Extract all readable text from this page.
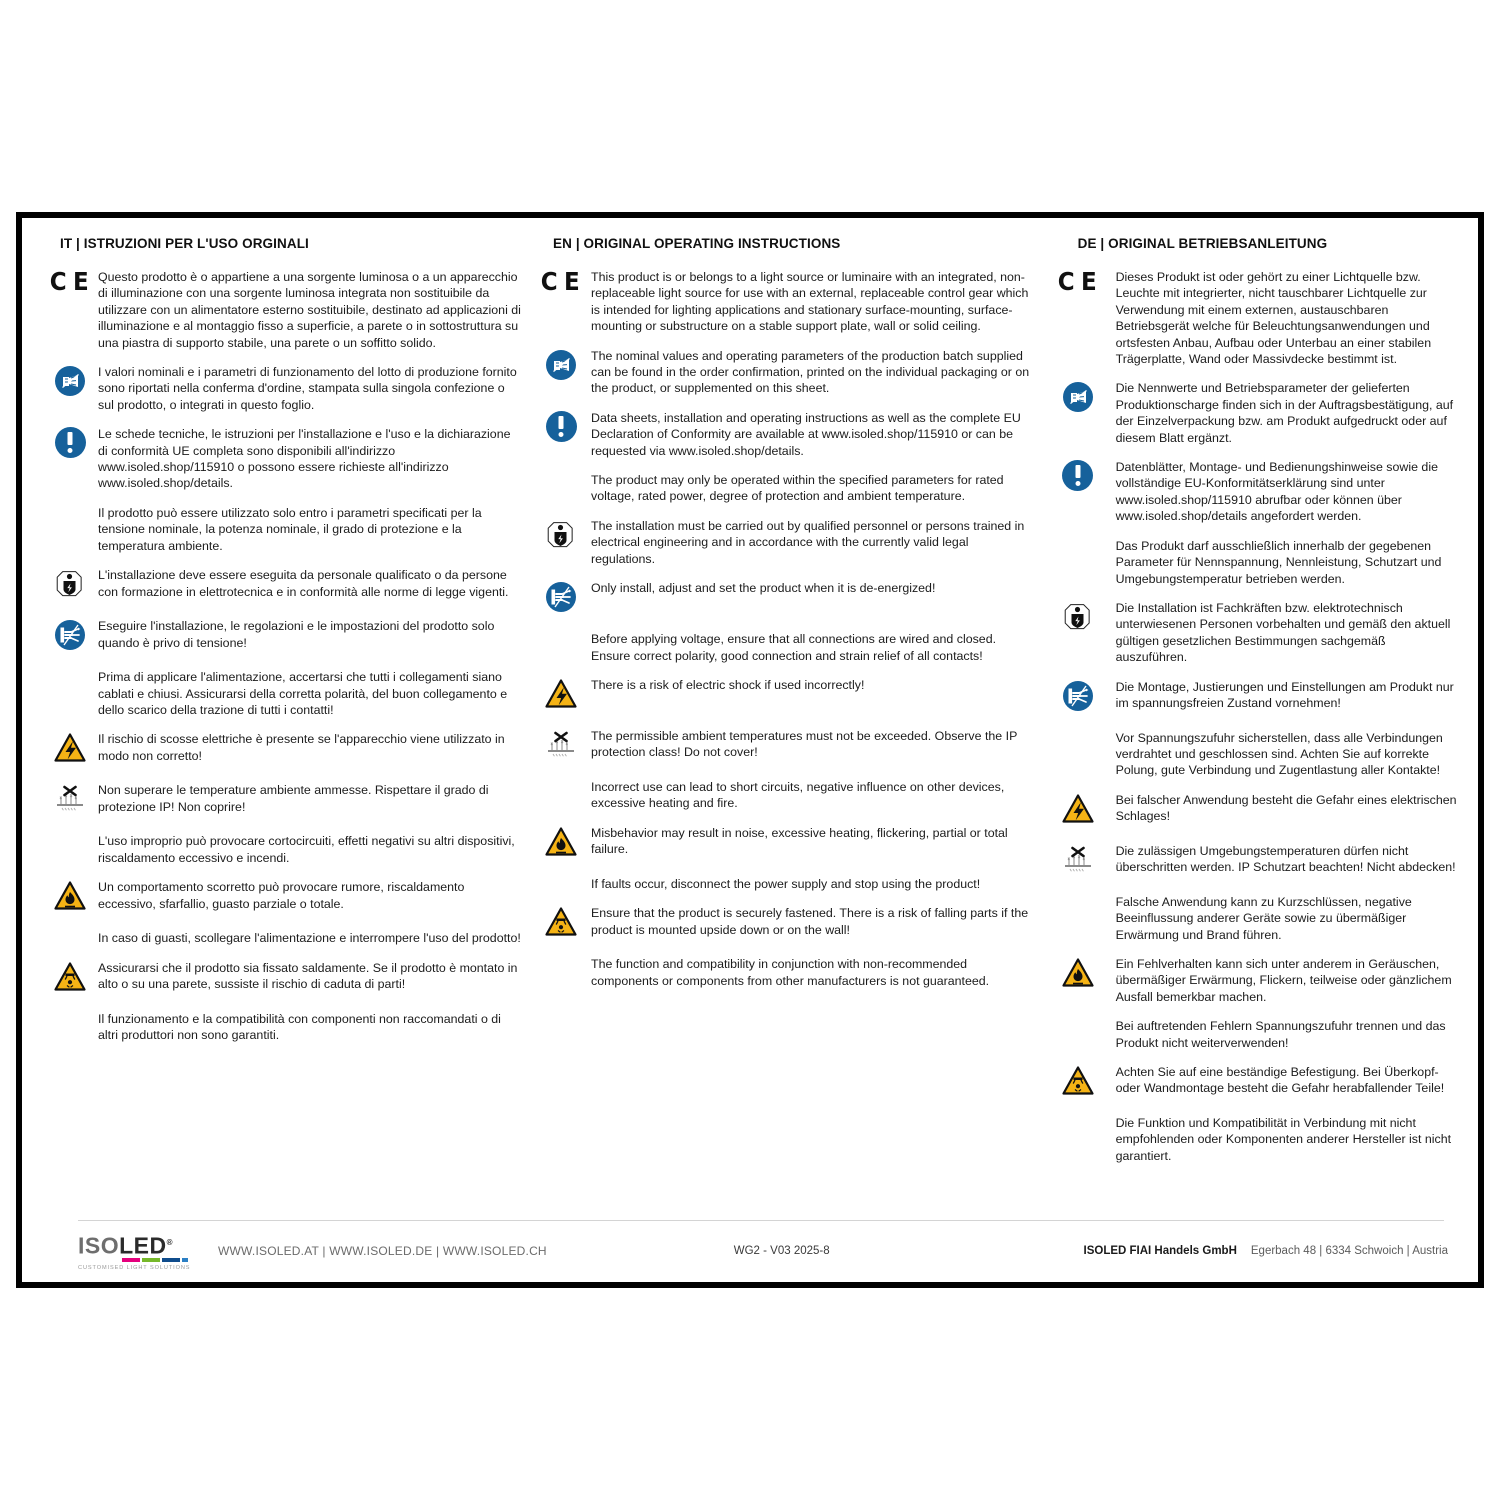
IT | ISTRUZIONI PER L'USO ORGINALI
C E Questo prodotto è o appartiene a una sorgente luminosa o a un apparecchio di illuminazione con una sorgente luminosa integrata non sostituibile da utilizzare con un alimentatore esterno sostituibile, destinato ad applicazioni di illuminazione e al montaggio fisso a superficie, a parete o in sottostruttura su una piastra di supporto stabile, una parete o un soffitto solido.
I valori nominali e i parametri di funzionamento del lotto di produzione fornito sono riportati nella conferma d'ordine, stampata sulla singola confezione o sul prodotto, o integrati in questo foglio.
Le schede tecniche, le istruzioni per l'installazione e l'uso e la dichiarazione di conformità UE completa sono disponibili all'indirizzo www.isoled.shop/115910 o possono essere richieste all'indirizzo www.isoled.shop/details.
Il prodotto può essere utilizzato solo entro i parametri specificati per la tensione nominale, la potenza nominale, il grado di protezione e la temperatura ambiente.
L'installazione deve essere eseguita da personale qualificato o da persone con formazione in elettrotecnica e in conformità alle norme di legge vigenti.
Eseguire l'installazione, le regolazioni e le impostazioni del prodotto solo quando è privo di tensione!
Prima di applicare l'alimentazione, accertarsi che tutti i collegamenti siano cablati e chiusi. Assicurarsi della corretta polarità, del buon collegamento e dello scarico della trazione di tutti i contatti!
Il rischio di scosse elettriche è presente se l'apparecchio viene utilizzato in modo non corretto!
Non superare le temperature ambiente ammesse. Rispettare il grado di protezione IP! Non coprire!
L'uso improprio può provocare cortocircuiti, effetti negativi su altri dispositivi, riscaldamento eccessivo e incendi.
Un comportamento scorretto può provocare rumore, riscaldamento eccessivo, sfarfallio, guasto parziale o totale.
In caso di guasti, scollegare l'alimentazione e interrompere l'uso del prodotto!
Assicurarsi che il prodotto sia fissato saldamente. Se il prodotto è montato in alto o su una parete, sussiste il rischio di caduta di parti!
Il funzionamento e la compatibilità con componenti non raccomandati o di altri produttori non sono garantiti.
EN | ORIGINAL OPERATING INSTRUCTIONS
C E This product is or belongs to a light source or luminaire with an integrated, non-replaceable light source for use with an external, replaceable control gear which is intended for lighting applications and stationary surface-mounting, surface-mounting or substructure on a stable support plate, wall or solid ceiling.
The nominal values and operating parameters of the production batch supplied can be found in the order confirmation, printed on the individual packaging or on the product, or supplemented on this sheet.
Data sheets, installation and operating instructions as well as the complete EU Declaration of Conformity are available at www.isoled.shop/115910 or can be requested via www.isoled.shop/details.
The product may only be operated within the specified parameters for rated voltage, rated power, degree of protection and ambient temperature.
The installation must be carried out by qualified personnel or persons trained in electrical engineering and in accordance with the currently valid legal regulations.
Only install, adjust and set the product when it is de-energized!
Before applying voltage, ensure that all connections are wired and closed. Ensure correct polarity, good connection and strain relief of all contacts!
There is a risk of electric shock if used incorrectly!
The permissible ambient temperatures must not be exceeded. Observe the IP protection class! Do not cover!
Incorrect use can lead to short circuits, negative influence on other devices, excessive heating and fire.
Misbehavior may result in noise, excessive heating, flickering, partial or total failure.
If faults occur, disconnect the power supply and stop using the product!
Ensure that the product is securely fastened. There is a risk of falling parts if the product is mounted upside down or on the wall!
The function and compatibility in conjunction with non-recommended components or components from other manufacturers is not guaranteed.
DE | ORIGINAL BETRIEBSANLEITUNG
C E Dieses Produkt ist oder gehört zu einer Lichtquelle bzw. Leuchte mit integrierter, nicht tauschbarer Lichtquelle zur Verwendung mit einem externen, austauschbaren Betriebsgerät welche für Beleuchtungsanwendungen und ortsfesten Anbau, Aufbau oder Unterbau an einer stabilen Trägerplatte, Wand oder Massivdecke bestimmt ist.
Die Nennwerte und Betriebsparameter der gelieferten Produktionscharge finden sich in der Auftragsbestätigung, auf der Einzelverpackung bzw. am Produkt aufgedruckt oder auf diesem Blatt ergänzt.
Datenblätter, Montage- und Bedienungshinweise sowie die vollständige EU-Konformitätserklärung sind unter www.isoled.shop/115910 abrufbar oder können über www.isoled.shop/details angefordert werden.
Das Produkt darf ausschließlich innerhalb der gegebenen Parameter für Nennspannung, Nennleistung, Schutzart und Umgebungstemperatur betrieben werden.
Die Installation ist Fachkräften bzw. elektrotechnisch unterwiesenen Personen vorbehalten und gemäß den aktuell gültigen gesetzlichen Bestimmungen sachgemäß auszuführen.
Die Montage, Justierungen und Einstellungen am Produkt nur im spannungsfreien Zustand vornehmen!
Vor Spannungszufuhr sicherstellen, dass alle Verbindungen verdrahtet und geschlossen sind. Achten Sie auf korrekte Polung, gute Verbindung und Zugentlastung aller Kontakte!
Bei falscher Anwendung besteht die Gefahr eines elektrischen Schlages!
Die zulässigen Umgebungstemperaturen dürfen nicht überschritten werden. IP Schutzart beachten! Nicht abdecken!
Falsche Anwendung kann zu Kurzschlüssen, negative Beeinflussung anderer Geräte sowie zu übermäßiger Erwärmung und Brand führen.
Ein Fehlverhalten kann sich unter anderem in Geräuschen, übermäßiger Erwärmung, Flickern, teilweise oder gänzlichem Ausfall bemerkbar machen.
Bei auftretenden Fehlern Spannungszufuhr trennen und das Produkt nicht weiterverwenden!
Achten Sie auf eine beständige Befestigung. Bei Überkopf- oder Wandmontage besteht die Gefahr herabfallender Teile!
Die Funktion und Kompatibilität in Verbindung mit nicht empfohlenden oder Komponenten anderer Hersteller ist nicht garantiert.
ISOLED®
CUSTOMISED LIGHT SOLUTIONS
WWW.ISOLED.AT | WWW.ISOLED.DE | WWW.ISOLED.CH	WG2 - V03 2025-8	ISOLED FIAI Handels GmbH Egerbach 48 | 6334 Schwoich | Austria
